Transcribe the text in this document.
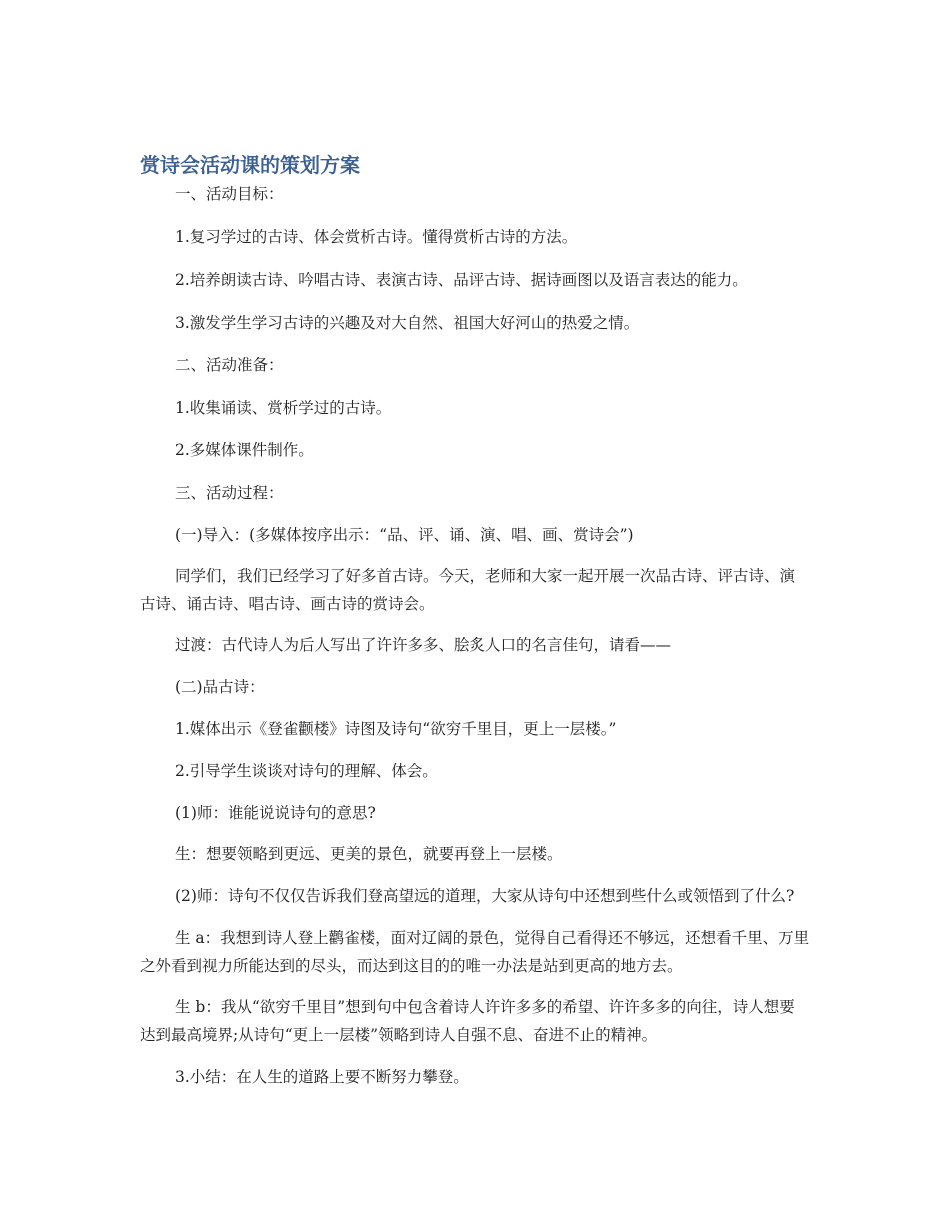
赏诗会活动课的策划方案

一、活动目标：

1.复习学过的古诗、体会赏析古诗。懂得赏析古诗的方法。

2.培养朗读古诗、吟唱古诗、表演古诗、品评古诗、据诗画图以及语言表达的能力。

3.激发学生学习古诗的兴趣及对大自然、祖国大好河山的热爱之情。

二、活动准备：

1.收集诵读、赏析学过的古诗。

2.多媒体课件制作。

三、活动过程：

(一)导入：(多媒体按序出示：“品、评、诵、演、唱、画、赏诗会”)

同学们，我们已经学习了好多首古诗。今天，老师和大家一起开展一次品古诗、评古诗、演古诗、诵古诗、唱古诗、画古诗的赏诗会。

过渡：古代诗人为后人写出了许许多多、脍炙人口的名言佳句，请看——

(二)品古诗：

1.媒体出示《登雀颧楼》诗图及诗句“欲穷千里目，更上一层楼。”

2.引导学生谈谈对诗句的理解、体会。

(1)师：谁能说说诗句的意思?

生：想要领略到更远、更美的景色，就要再登上一层楼。

(2)师：诗句不仅仅告诉我们登高望远的道理，大家从诗句中还想到些什么或领悟到了什么?

生 a：我想到诗人登上鹳雀楼，面对辽阔的景色，觉得自己看得还不够远，还想看千里、万里之外看到视力所能达到的尽头，而达到这目的的唯一办法是站到更高的地方去。

生 b：我从“欲穷千里目”想到句中包含着诗人许许多多的希望、许许多多的向往，诗人想要达到最高境界;从诗句“更上一层楼”领略到诗人自强不息、奋进不止的精神。

3.小结：在人生的道路上要不断努力攀登。
